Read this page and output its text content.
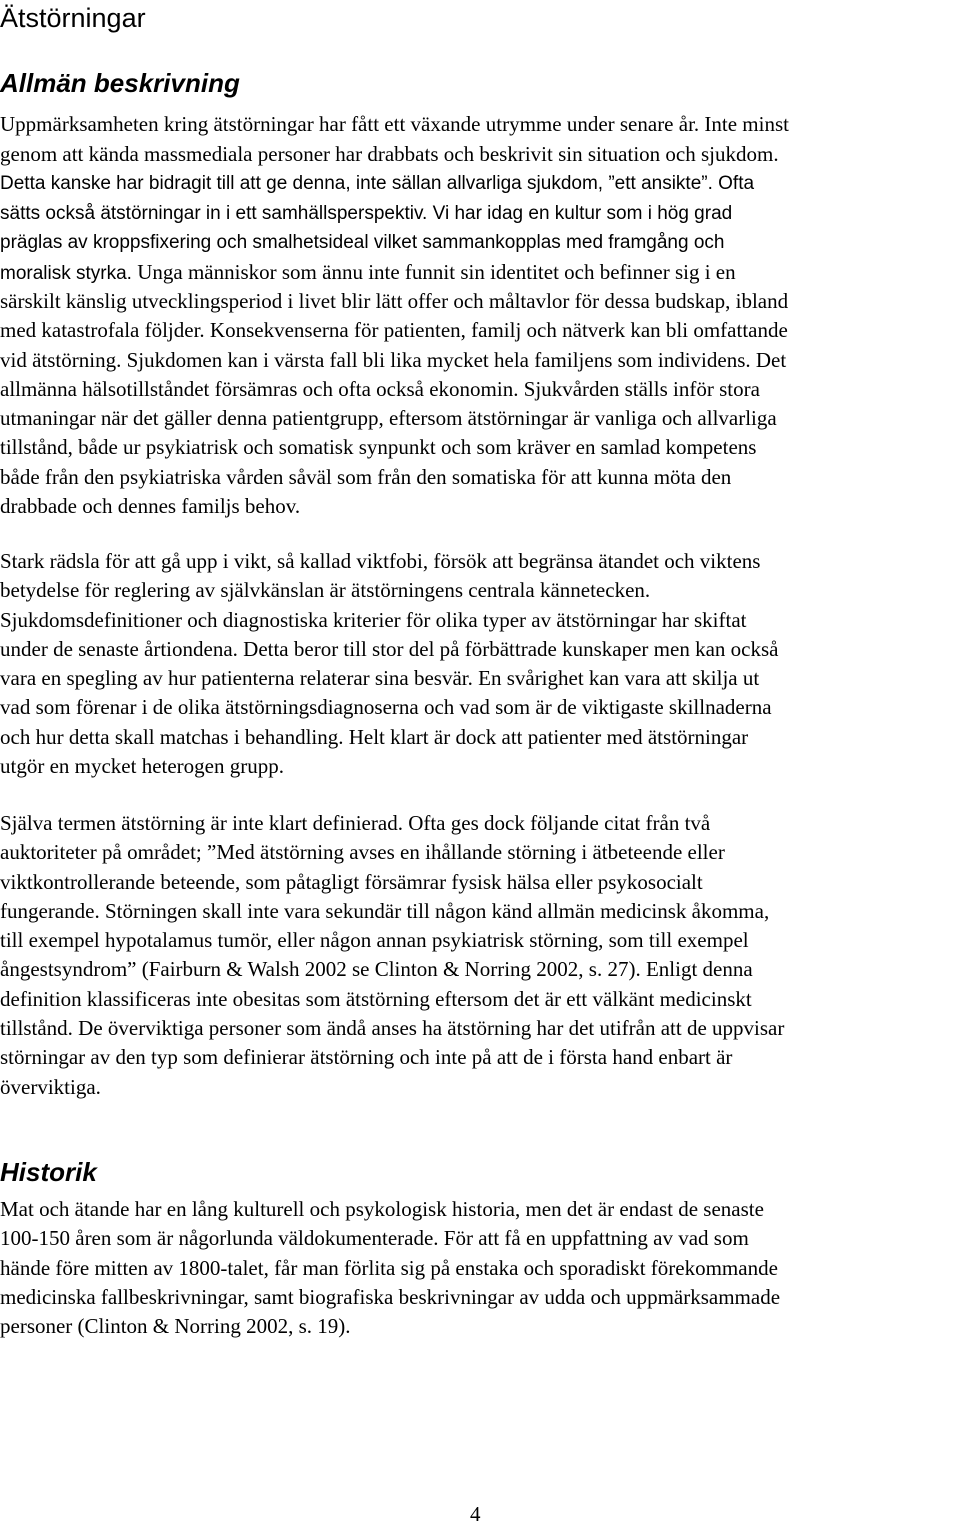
Ätstörningar
Allmän beskrivning
Uppmärksamheten kring ätstörningar har fått ett växande utrymme under senare år. Inte minst
genom att kända massmediala personer har drabbats och beskrivit sin situation och sjukdom.
Detta kanske har bidragit till att ge denna, inte sällan allvarliga sjukdom, ”ett ansikte”. Ofta
sätts också ätstörningar in i ett samhällsperspektiv. Vi har idag en kultur som i hög grad
präglas av kroppsfixering och smalhetsideal vilket sammankopplas med framgång och
moralisk styrka. Unga människor som ännu inte funnit sin identitet och befinner sig i en
särskilt känslig utvecklingsperiod i livet blir lätt offer och måltavlor för dessa budskap, ibland
med katastrofala följder. Konsekvenserna för patienten, familj och nätverk kan bli omfattande
vid ätstörning. Sjukdomen kan i värsta fall bli lika mycket hela familjens som individens. Det
allmänna hälsotillståndet försämras och ofta också ekonomin. Sjukvården ställs inför stora
utmaningar när det gäller denna patientgrupp, eftersom ätstörningar är vanliga och allvarliga
tillstånd, både ur psykiatrisk och somatisk synpunkt och som kräver en samlad kompetens
både från den psykiatriska vården såväl som från den somatiska för att kunna möta den
drabbade och dennes familjs behov.
Stark rädsla för att gå upp i vikt, så kallad viktfobi, försök att begränsa ätandet och viktens
betydelse för reglering av självkänslan är ätstörningens centrala kännetecken.
Sjukdomsdefinitioner och diagnostiska kriterier för olika typer av ätstörningar har skiftat
under de senaste årtiondena. Detta beror till stor del på förbättrade kunskaper men kan också
vara en spegling av hur patienterna relaterar sina besvär. En svårighet kan vara att skilja ut
vad som förenar i de olika ätstörningsdiagnoserna och vad som är de viktigaste skillnaderna
och hur detta skall matchas i behandling. Helt klart är dock att patienter med ätstörningar
utgör en mycket heterogen grupp.
Själva termen ätstörning är inte klart definierad. Ofta ges dock följande citat från två
auktoriteter på området; ”Med ätstörning avses en ihållande störning i ätbeteende eller
viktkontrollerande beteende, som påtagligt försämrar fysisk hälsa eller psykosocialt
fungerande. Störningen skall inte vara sekundär till någon känd allmän medicinsk åkomma,
till exempel hypotalamus tumör, eller någon annan psykiatrisk störning, som till exempel
ångestsyndrom” (Fairburn & Walsh 2002 se Clinton & Norring 2002, s. 27). Enligt denna
definition klassificeras inte obesitas som ätstörning eftersom det är ett välkänt medicinskt
tillstånd. De överviktiga personer som ändå anses ha ätstörning har det utifrån att de uppvisar
störningar av den typ som definierar ätstörning och inte på att de i första hand enbart är
överviktiga.
Historik
Mat och ätande har en lång kulturell och psykologisk historia, men det är endast de senaste
100-150 åren som är någorlunda väldokumenterade. För att få en uppfattning av vad som
hände före mitten av 1800-talet, får man förlita sig på enstaka och sporadiskt förekommande
medicinska fallbeskrivningar, samt biografiska beskrivningar av udda och uppmärksammade
personer (Clinton & Norring 2002, s. 19).
4
